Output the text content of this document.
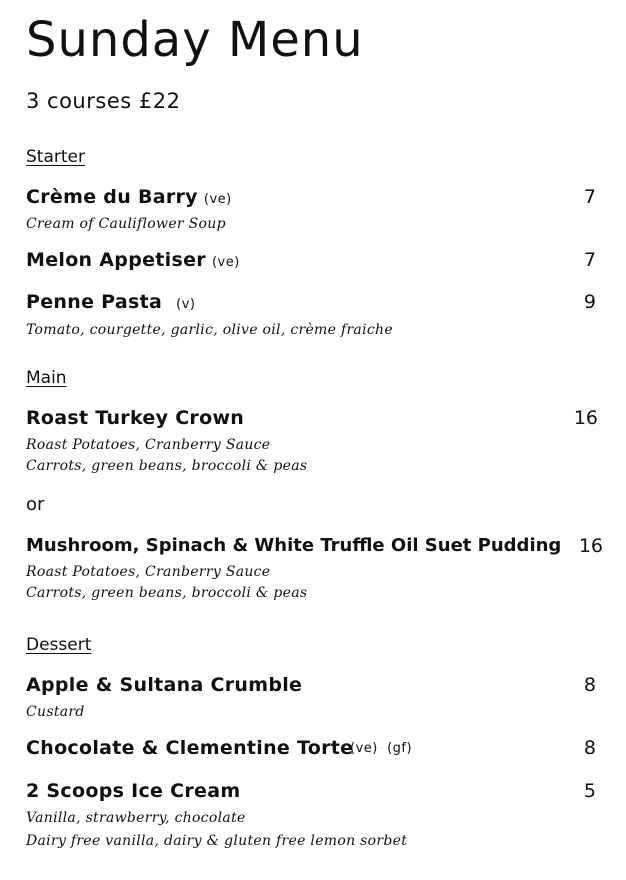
Sunday Menu
3 courses £22
Starter
Crème du Barry (ve)
Cream of Cauliflower Soup
7
Melon Appetiser (ve)	7
Penne Pasta (v)
Tomato, courgette, garlic, olive oil, crème fraiche
9
Main
Roast Turkey Crown
Roast Potatoes, Cranberry Sauce
Carrots, green beans, broccoli & peas
16
or
Mushroom, Spinach & White Truffle Oil Suet Pudding
Roast Potatoes, Cranberry Sauce
Carrots, green beans, broccoli & peas
16
Dessert
Apple & Sultana Crumble
Custard
8
Chocolate & Clementine Torte
(ve) (gf)	8
2 Scoops Ice Cream
Vanilla, strawberry, chocolate
Dairy free vanilla, dairy & gluten free lemon sorbet
5
